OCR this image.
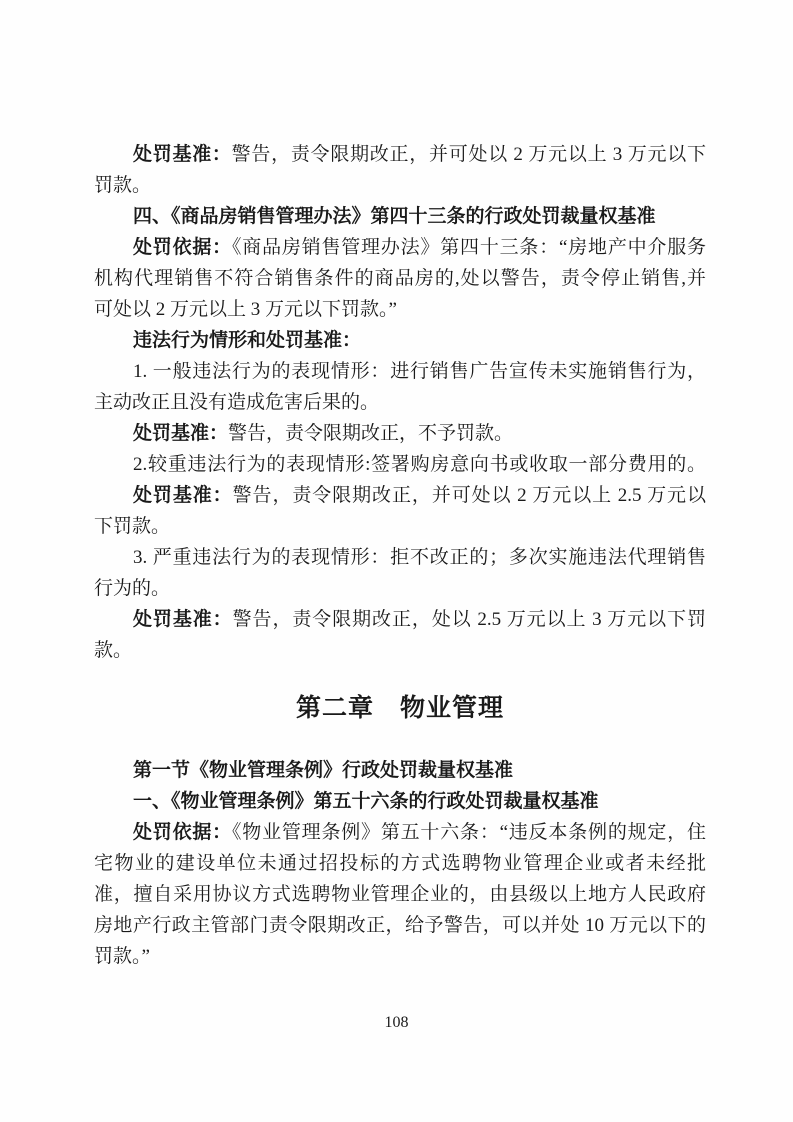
处罚基准：警告，责令限期改正，并可处以 2 万元以上 3 万元以下
罚款。
四、《商品房销售管理办法》第四十三条的行政处罚裁量权基准
处罚依据：《商品房销售管理办法》第四十三条：“房地产中介服务
机构代理销售不符合销售条件的商品房的,处以警告，责令停止销售,并
可处以 2 万元以上 3 万元以下罚款。”
违法行为情形和处罚基准：
1. 一般违法行为的表现情形：进行销售广告宣传未实施销售行为，
主动改正且没有造成危害后果的。
处罚基准：警告，责令限期改正，不予罚款。
2.较重违法行为的表现情形:签署购房意向书或收取一部分费用的。
处罚基准：警告，责令限期改正，并可处以 2 万元以上 2.5 万元以
下罚款。
3. 严重违法行为的表现情形：拒不改正的；多次实施违法代理销售
行为的。
处罚基准：警告，责令限期改正，处以 2.5 万元以上 3 万元以下罚
款。
第二章　物业管理
第一节《物业管理条例》行政处罚裁量权基准
一、《物业管理条例》第五十六条的行政处罚裁量权基准
处罚依据：《物业管理条例》第五十六条：“违反本条例的规定，住
宅物业的建设单位未通过招投标的方式选聘物业管理企业或者未经批
准，擅自采用协议方式选聘物业管理企业的，由县级以上地方人民政府
房地产行政主管部门责令限期改正，给予警告，可以并处 10 万元以下的
罚款。”
108
